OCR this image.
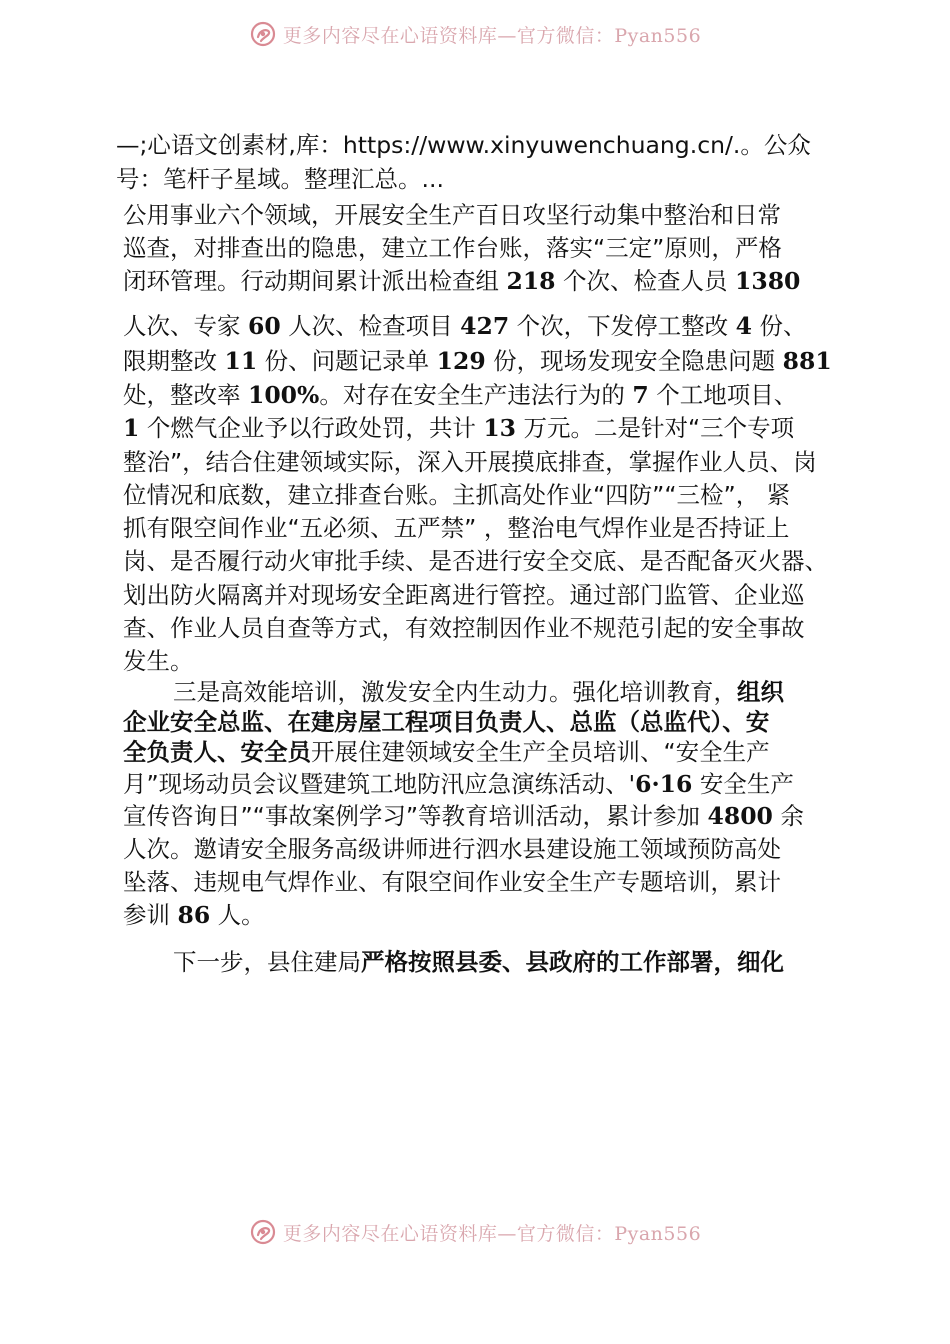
更多内容尽在心语资料库—官方微信：Pyan556
—;心语文创素材,库：https://www.xinyuwenchuang.cn/.。公众
号：笔杆子星域。整理汇总。...
公用事业六个领域，开展安全生产百日攻坚行动集中整治和日常
巡查，对排查出的隐患，建立工作台账，落实“三定”原则，严格
闭环管理。行动期间累计派出检查组 218 个次、检查人员 1380
人次、专家 60 人次、检查项目 427 个次，下发停工整改 4 份、
限期整改 11 份、问题记录单 129 份，现场发现安全隐患问题 881
处，整改率 100%。对存在安全生产违法行为的 7 个工地项目、
1 个燃气企业予以行政处罚，共计 13 万元。二是针对“三个专项
整治”，结合住建领域实际，深入开展摸底排查，掌握作业人员、岗
位情况和底数，建立排查台账。主抓高处作业“四防”“三检”， 紧
抓有限空间作业“五必须、五严禁” ，整治电气焊作业是否持证上
岗、是否履行动火审批手续、是否进行安全交底、是否配备灭火器、
划出防火隔离并对现场安全距离进行管控。通过部门监管、企业巡
查、作业人员自查等方式，有效控制因作业不规范引起的安全事故
发生。
三是高效能培训，激发安全内生动力。强化培训教育，组织
企业安全总监、在建房屋工程项目负责人、总监（总监代）、安
全负责人、安全员开展住建领域安全生产全员培训、“安全生产
月”现场动员会议暨建筑工地防汛应急演练活动、'6·16 安全生产
宣传咨询日”“事故案例学习”等教育培训活动，累计参加 4800 余
人次。邀请安全服务高级讲师进行泗水县建设施工领域预防高处
坠落、违规电气焊作业、有限空间作业安全生产专题培训，累计
参训 86 人。
下一步，县住建局严格按照县委、县政府的工作部署，细化
更多内容尽在心语资料库—官方微信：Pyan556
